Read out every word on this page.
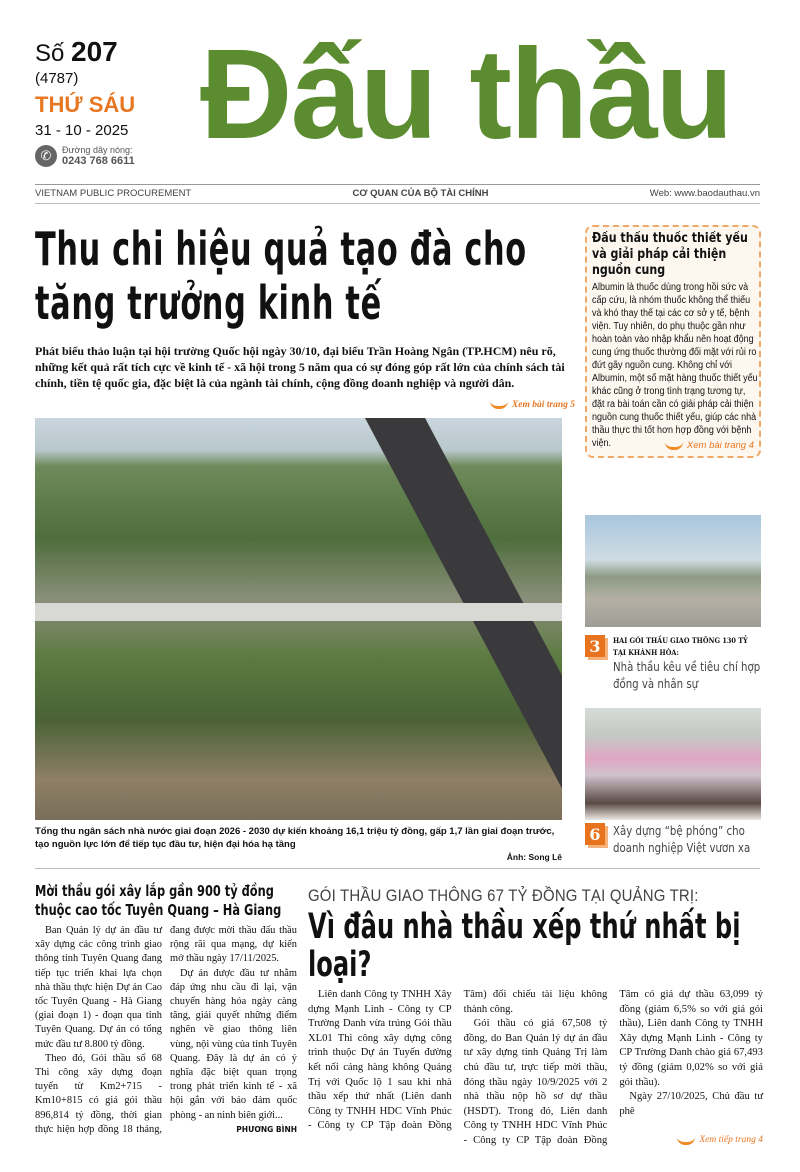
Số 207
(4787)
THỨ SÁU
31 - 10 - 2025
✆	Đường dây nóng:
0243 768 6611 Đấu thầu
VIETNAM PUBLIC PROCUREMENT	CƠ QUAN CỦA BỘ TÀI CHÍNH	Web: www.baodauthau.vn
Thu chi hiệu quả tạo đà cho tăng trưởng kinh tế
Phát biểu thảo luận tại hội trường Quốc hội ngày 30/10, đại biểu Trần Hoàng Ngân (TP.HCM) nêu rõ, những kết quả rất tích cực về kinh tế - xã hội trong 5 năm qua có sự đóng góp rất lớn của chính sách tài chính, tiền tệ quốc gia, đặc biệt là của ngành tài chính, cộng đồng doanh nghiệp và người dân.
Xem bài trang 5
Tổng thu ngân sách nhà nước giai đoạn 2026 - 2030 dự kiến khoảng 16,1 triệu tỷ đồng, gấp 1,7 lần giai đoạn trước, tạo nguồn lực lớn để tiếp tục đầu tư, hiện đại hóa hạ tầng
Ảnh: Song Lê
Đấu thầu thuốc thiết yếu và giải pháp cải thiện nguồn cung

Albumin là thuốc dùng trong hồi sức và cấp cứu, là nhóm thuốc không thể thiếu và khó thay thế tại các cơ sở y tế, bệnh viện. Tuy nhiên, do phụ thuộc gần như hoàn toàn vào nhập khẩu nên hoạt động cung ứng thuốc thường đối mặt với rủi ro đứt gãy nguồn cung. Không chỉ với Albumin, một số mặt hàng thuốc thiết yếu khác cũng ở trong tình trạng tương tự, đặt ra bài toán cần có giải pháp cải thiện nguồn cung thuốc thiết yếu, giúp các nhà thầu thực thi tốt hơn hợp đồng với bệnh viện.	Xem bài trang 4
3	HAI GÓI THẦU GIAO THÔNG 130 TỶ TẠI KHÁNH HÒA:
Nhà thầu kêu về tiêu chí hợp đồng và nhân sự
6	Xây dựng “bệ phóng” cho doanh nghiệp Việt vươn xa
Mời thầu gói xây lắp gần 900 tỷ đồng thuộc cao tốc Tuyên Quang – Hà Giang

Ban Quản lý dự án đầu tư xây dựng các công trình giao thông tỉnh Tuyên Quang đang tiếp tục triển khai lựa chọn nhà thầu thực hiện Dự án Cao tốc Tuyên Quang - Hà Giang (giai đoạn 1) - đoạn qua tỉnh Tuyên Quang. Dự án có tổng mức đầu tư 8.800 tỷ đồng.

Theo đó, Gói thầu số 68 Thi công xây dựng đoạn tuyến từ Km2+715 - Km10+815 có giá gói thầu 896,814 tỷ đồng, thời gian thực hiện hợp đồng 18 tháng, đang được mời thầu đấu thầu rộng rãi qua mạng, dự kiến mở thầu ngày 17/11/2025.

Dự án được đầu tư nhằm đáp ứng nhu cầu đi lại, vận chuyển hàng hóa ngày càng tăng, giải quyết những điểm nghẽn về giao thông liên vùng, nội vùng của tỉnh Tuyên Quang. Đây là dự án có ý nghĩa đặc biệt quan trọng trong phát triển kinh tế - xã hội gắn với bảo đảm quốc phòng - an ninh biên giới...
PHƯƠNG BÌNH

GÓI THẦU GIAO THÔNG 67 TỶ ĐỒNG TẠI QUẢNG TRỊ:
Vì đâu nhà thầu xếp thứ nhất bị loại?

Liên danh Công ty TNHH Xây dựng Mạnh Linh - Công ty CP Trường Danh vừa trúng Gói thầu XL01 Thi công xây dựng công trình thuộc Dự án Tuyến đường kết nối cảng hàng không Quảng Trị với Quốc lộ 1 sau khi nhà thầu xếp thứ nhất (Liên danh Công ty TNHH HDC Vĩnh Phúc - Công ty CP Tập đoàn Đồng Tâm) đối chiếu tài liệu không thành công.

Gói thầu có giá 67,508 tỷ đồng, do Ban Quản lý dự án đầu tư xây dựng tỉnh Quảng Trị làm chủ đầu tư, trực tiếp mời thầu, đóng thầu ngày 10/9/2025 với 2 nhà thầu nộp hồ sơ dự thầu (HSDT). Trong đó, Liên danh Công ty TNHH HDC Vĩnh Phúc - Công ty CP Tập đoàn Đồng Tâm có giá dự thầu 63,099 tỷ đồng (giảm 6,5% so với giá gói thầu), Liên danh Công ty TNHH Xây dựng Mạnh Linh - Công ty CP Trường Danh chào giá 67,493 tỷ đồng (giảm 0,02% so với giá gói thầu).

Ngày 27/10/2025, Chủ đầu tư phê

Xem tiếp trang 4
